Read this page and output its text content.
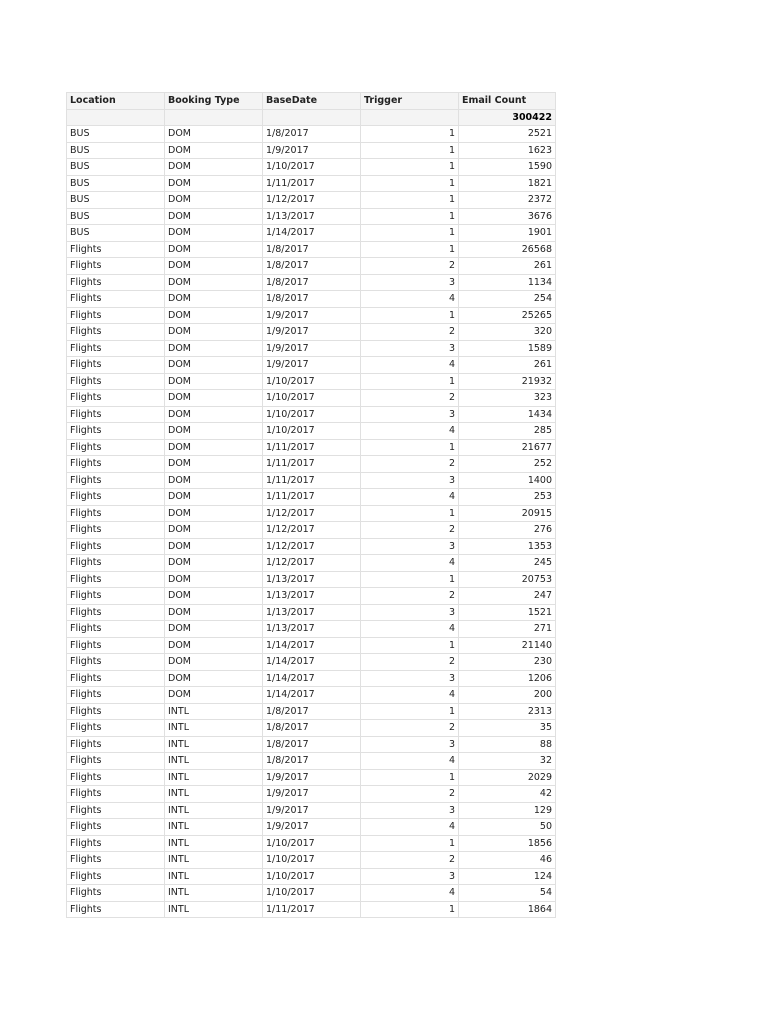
Location	Booking Type	BaseDate	Trigger	Email Count
				300422
BUS	DOM	1/8/2017	1	2521
BUS	DOM	1/9/2017	1	1623
BUS	DOM	1/10/2017	1	1590
BUS	DOM	1/11/2017	1	1821
BUS	DOM	1/12/2017	1	2372
BUS	DOM	1/13/2017	1	3676
BUS	DOM	1/14/2017	1	1901
Flights	DOM	1/8/2017	1	26568
Flights	DOM	1/8/2017	2	261
Flights	DOM	1/8/2017	3	1134
Flights	DOM	1/8/2017	4	254
Flights	DOM	1/9/2017	1	25265
Flights	DOM	1/9/2017	2	320
Flights	DOM	1/9/2017	3	1589
Flights	DOM	1/9/2017	4	261
Flights	DOM	1/10/2017	1	21932
Flights	DOM	1/10/2017	2	323
Flights	DOM	1/10/2017	3	1434
Flights	DOM	1/10/2017	4	285
Flights	DOM	1/11/2017	1	21677
Flights	DOM	1/11/2017	2	252
Flights	DOM	1/11/2017	3	1400
Flights	DOM	1/11/2017	4	253
Flights	DOM	1/12/2017	1	20915
Flights	DOM	1/12/2017	2	276
Flights	DOM	1/12/2017	3	1353
Flights	DOM	1/12/2017	4	245
Flights	DOM	1/13/2017	1	20753
Flights	DOM	1/13/2017	2	247
Flights	DOM	1/13/2017	3	1521
Flights	DOM	1/13/2017	4	271
Flights	DOM	1/14/2017	1	21140
Flights	DOM	1/14/2017	2	230
Flights	DOM	1/14/2017	3	1206
Flights	DOM	1/14/2017	4	200
Flights	INTL	1/8/2017	1	2313
Flights	INTL	1/8/2017	2	35
Flights	INTL	1/8/2017	3	88
Flights	INTL	1/8/2017	4	32
Flights	INTL	1/9/2017	1	2029
Flights	INTL	1/9/2017	2	42
Flights	INTL	1/9/2017	3	129
Flights	INTL	1/9/2017	4	50
Flights	INTL	1/10/2017	1	1856
Flights	INTL	1/10/2017	2	46
Flights	INTL	1/10/2017	3	124
Flights	INTL	1/10/2017	4	54
Flights	INTL	1/11/2017	1	1864
